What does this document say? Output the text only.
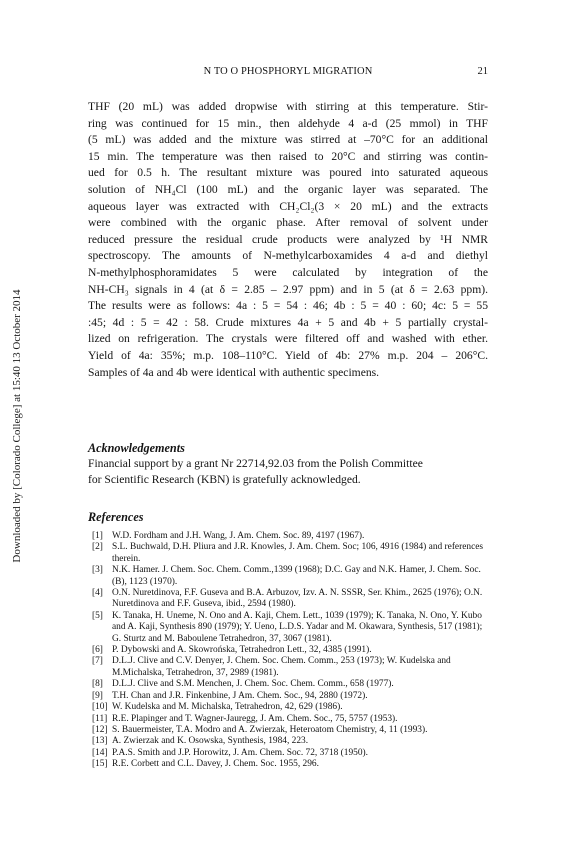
N TO O PHOSPHORYL MIGRATION	21
Downloaded by [Colorado College] at 15:40 13 October 2014
THF (20 mL) was added dropwise with stirring at this temperature. Stir-
ring was continued for 15 min., then aldehyde 4 a-d (25 mmol) in THF
(5 mL) was added and the mixture was stirred at –70°C for an additional
15 min. The temperature was then raised to 20°C and stirring was contin-
ued for 0.5 h. The resultant mixture was poured into saturated aqueous
solution of NH₄Cl (100 mL) and the organic layer was separated. The
aqueous layer was extracted with CH₂Cl₂(3 × 20 mL) and the extracts
were combined with the organic phase. After removal of solvent under
reduced pressure the residual crude products were analyzed by ¹H NMR
spectroscopy. The amounts of N-methylcarboxamides 4 a-d and diethyl
N-methylphosphoramidates 5 were calculated by integration of the
NH-CH₃ signals in 4 (at δ = 2.85 – 2.97 ppm) and in 5 (at δ = 2.63 ppm).
The results were as follows: 4a : 5 = 54 : 46; 4b : 5 = 40 : 60; 4c: 5 = 55
:45; 4d : 5 = 42 : 58. Crude mixtures 4a + 5 and 4b + 5 partially crystal-
lized on refrigeration. The crystals were filtered off and washed with ether.
Yield of 4a: 35%; m.p. 108–110°C. Yield of 4b: 27% m.p. 204 – 206°C.
Samples of 4a and 4b were identical with authentic specimens.
Acknowledgements
Financial support by a grant Nr 22714,92.03 from the Polish Committee
for Scientific Research (KBN) is gratefully acknowledged.
References
[1] W.D. Fordham and J.H. Wang, J. Am. Chem. Soc. 89, 4197 (1967).
[2] S.L. Buchwald, D.H. Pliura and J.R. Knowles, J. Am. Chem. Soc; 106, 4916 (1984) and references therein.
[3] N.K. Hamer. J. Chem. Soc. Chem. Comm.,1399 (1968); D.C. Gay and N.K. Hamer, J. Chem. Soc. (B), 1123 (1970).
[4] O.N. Nuretdinova, F.F. Guseva and B.A. Arbuzov, Izv. A. N. SSSR, Ser. Khim., 2625 (1976); O.N. Nuretdinova and F.F. Guseva, ibid., 2594 (1980).
[5] K. Tanaka, H. Uneme, N. Ono and A. Kaji, Chem. Lett., 1039 (1979); K. Tanaka, N. Ono, Y. Kubo and A. Kaji, Synthesis 890 (1979); Y. Ueno, L.D.S. Yadar and M. Okawara, Synthesis, 517 (1981); G. Sturtz and M. Baboulene Tetrahedron, 37, 3067 (1981).
[6] P. Dybowski and A. Skowrońska, Tetrahedron Lett., 32, 4385 (1991).
[7] D.L.J. Clive and C.V. Denyer, J. Chem. Soc. Chem. Comm., 253 (1973); W. Kudelska and M.Michalska, Tetrahedron, 37, 2989 (1981).
[8] D.L.J. Clive and S.M. Menchen, J. Chem. Soc. Chem. Comm., 658 (1977).
[9] T.H. Chan and J.R. Finkenbine, J Am. Chem. Soc., 94, 2880 (1972).
[10] W. Kudelska and M. Michalska, Tetrahedron, 42, 629 (1986).
[11] R.E. Plapinger and T. Wagner-Jauregg, J. Am. Chem. Soc., 75, 5757 (1953).
[12] S. Bauermeister, T.A. Modro and A. Zwierzak, Heteroatom Chemistry, 4, 11 (1993).
[13] A. Zwierzak and K. Osowska, Synthesis, 1984, 223.
[14] P.A.S. Smith and J.P. Horowitz, J. Am. Chem. Soc. 72, 3718 (1950).
[15] R.E. Corbett and C.L. Davey, J. Chem. Soc. 1955, 296.
